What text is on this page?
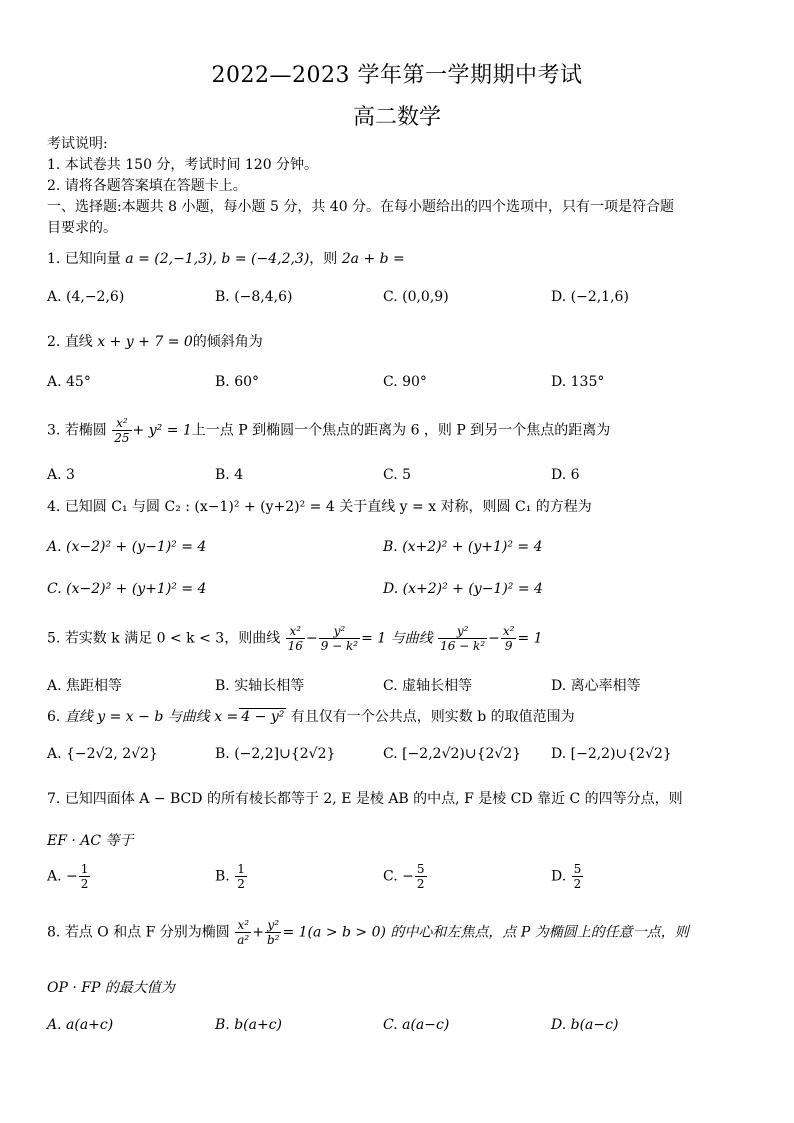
2022—2023 学年第一学期期中考试
高二数学
考试说明:
1. 本试卷共 150 分，考试时间 120 分钟。
2. 请将各题答案填在答题卡上。
一、选择题:本题共 8 小题，每小题 5 分，共 40 分。在每小题给出的四个选项中，只有一项是符合题
目要求的。
1. 已知向量 a = (2,−1,3), b = (−4,2,3)，则 2a + b =
A. (4,−2,6)	B. (−8,4,6)	C. (0,0,9)	D. (−2,1,6)
2. 直线 x + y + 7 = 0的倾斜角为
A. 45°	B. 60°	C. 90°	D. 135°
3. 若椭圆 $\frac{\text{x²}}{25} + y^2 = 1$上一点 P 到椭圆一个焦点的距离为 6 ，则 P 到另一个焦点的距离为
A. 3	B. 4	C. 5	D. 6
4. 已知圆 C₁ 与圆 C₂ : (x−1)² + (y+2)² = 4 关于直线 y = x 对称，则圆 C₁ 的方程为
A. (x−2)² + (y−1)² = 4	B. (x+2)² + (y+1)² = 4
C. (x−2)² + (y+1)² = 4	D. (x+2)² + (y−1)² = 4
5. 若实数 k 满足 0 < k < 3，则曲线 $\frac{\text{x²}}{16} - \frac{\text{y²}}{\text{9 − k²}} = 1$ 与曲线 $\frac{\text{y²}}{\text{16 − k²}} - \frac{\text{x²}}{9} = 1$
A. 焦距相等	B. 实轴长相等	C. 虚轴长相等	D. 离心率相等
6. 直线 y = x − b 与曲线 x = 4 − y² 有且仅有一个公共点，则实数 b 的取值范围为
A. {−2√2, 2√2}	B. (−2,2]∪{2√2}	C. [−2,2√2)∪{2√2} D. [−2,2)∪{2√2}
7. 已知四面体 A − BCD 的所有棱长都等于 2, E 是棱 AB 的中点, F 是棱 CD 靠近 C 的四等分点，则
EF · AC 等于
A. − $\frac{1}{2}$	B. $\frac{1}{2}$	C. − $\frac{5}{2}$	D. $\frac{5}{2}$
8. 若点 O 和点 F 分别为椭圆 $\frac{\text{x²}}{\text{a²}} + \frac{\text{y²}}{\text{b²}} = 1(a > b > 0)$ 的中心和左焦点，点 P 为椭圆上的任意一点，则
OP · FP 的最大值为
A. a(a+c)	B. b(a+c)	C. a(a−c)	D. b(a−c)
